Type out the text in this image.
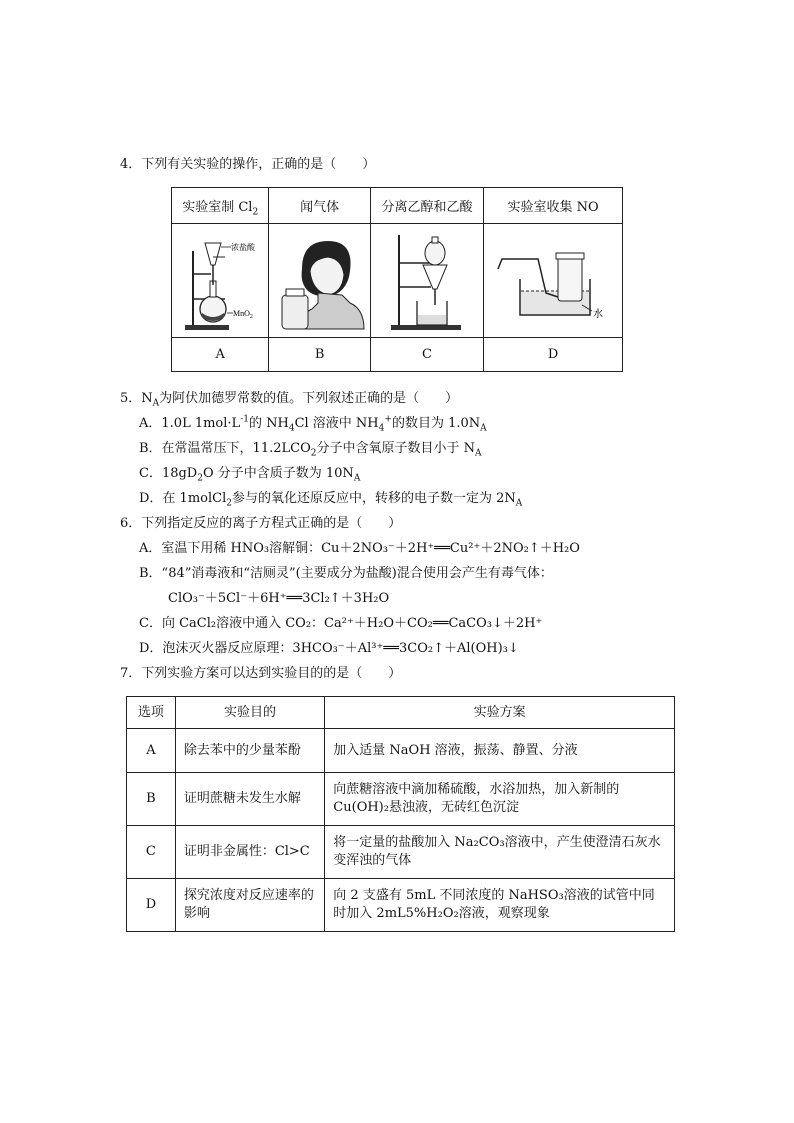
4．下列有关实验的操作，正确的是（　　）
实验室制 $Cl_2$	闻气体	分离乙醇和乙酸	实验室收集 NO

浓盐酸
MnO$_2$			水

A	B	C	D
5．$N_A$为阿伏加德罗常数的值。下列叙述正确的是（　　）
A．1.0L $1mol\cdot L^{-1}$的 $NH_4Cl$ 溶液中 $NH_4^+$的数目为 $1.0N_A$
B．在常温常压下，$11.2LCO_2$分子中含氧原子数目小于 $N_A$
C．$18gD_2O$ 分子中含质子数为 $10N_A$
D．在 1molCl$_2$参与的氧化还原反应中，转移的电子数一定为 $2N_A$
6．下列指定反应的离子方程式正确的是（　　）
A．室温下用稀 HNO₃溶解铜：Cu＋2NO₃⁻＋2H⁺══Cu²⁺＋2NO₂↑＋H₂O
B．“84”消毒液和“洁厕灵”(主要成分为盐酸)混合使用会产生有毒气体：
ClO₃⁻＋5Cl⁻＋6H⁺══3Cl₂↑＋3H₂O
C．向 CaCl₂溶液中通入 CO₂：Ca²⁺＋H₂O＋CO₂══CaCO₃↓＋2H⁺
D．泡沫灭火器反应原理：3HCO₃⁻＋Al³⁺══3CO₂↑＋Al(OH)₃↓
7．下列实验方案可以达到实验目的的是（　　）
选项	实验目的	实验方案
A	除去苯中的少量苯酚	加入适量 NaOH 溶液，振荡、静置、分液
B	证明蔗糖未发生水解	向蔗糖溶液中滴加稀硫酸，水浴加热，加入新制的 Cu(OH)₂悬浊液，无砖红色沉淀
C	证明非金属性：Cl>C	将一定量的盐酸加入 Na₂CO₃溶液中，产生使澄清石灰水变浑浊的气体
D	探究浓度对反应速率的影响	向 2 支盛有 5mL 不同浓度的 NaHSO₃溶液的试管中同时加入 2mL5%H₂O₂溶液，观察现象
